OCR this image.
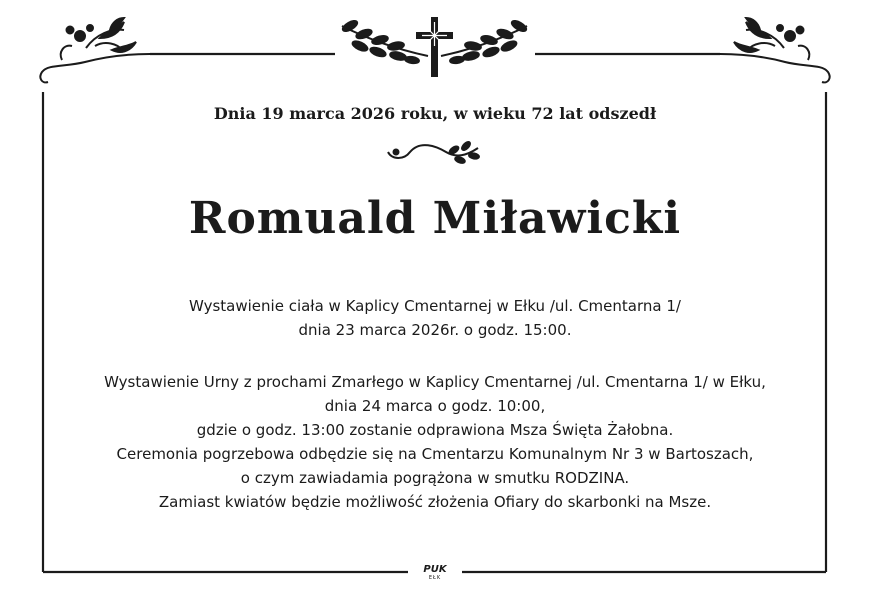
Dnia 19 marca 2026 roku, w wieku 72 lat odszedł
Romuald Miławicki
Wystawienie ciała w Kaplicy Cmentarnej w Ełku /ul. Cmentarna 1/
dnia 23 marca 2026r. o godz. 15:00.
Wystawienie Urny z prochami Zmarłego w Kaplicy Cmentarnej /ul. Cmentarna 1/ w Ełku,
dnia 24 marca o godz. 10:00,
gdzie o godz. 13:00 zostanie odprawiona Msza Święta Żałobna.
Ceremonia pogrzebowa odbędzie się na Cmentarzu Komunalnym Nr 3 w Bartoszach,
o czym zawiadamia pogrążona w smutku RODZINA.
Zamiast kwiatów będzie możliwość złożenia Ofiary do skarbonki na Msze.
PUK
EŁK
